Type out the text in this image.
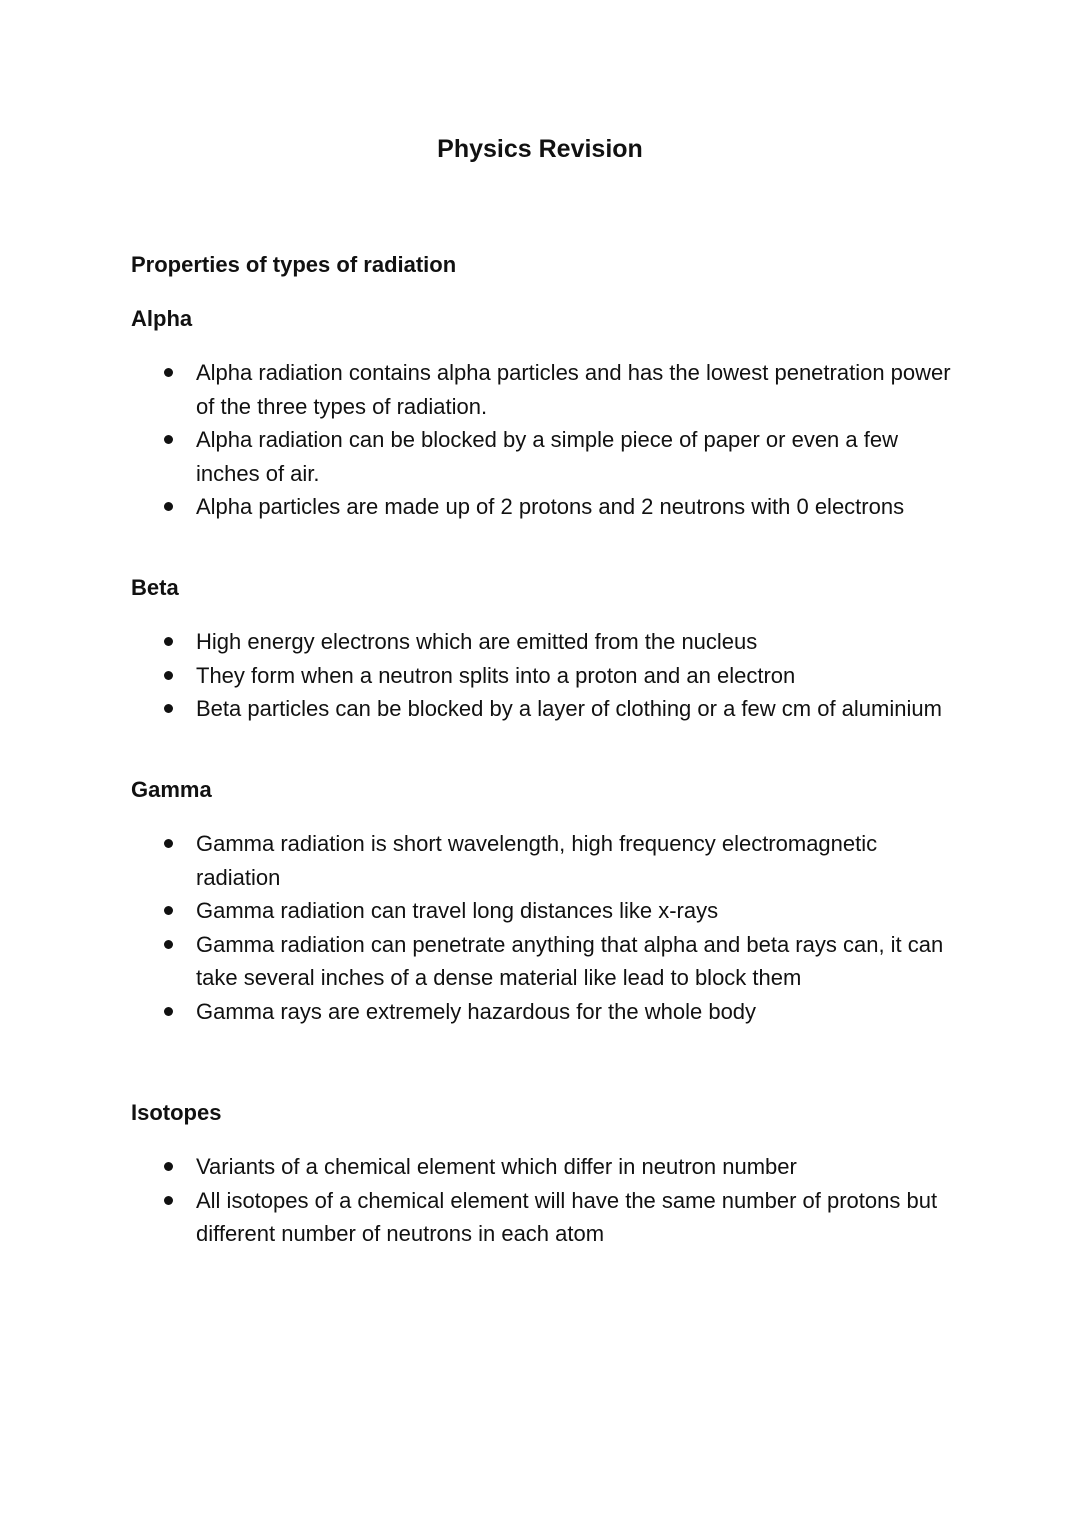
Physics Revision
Properties of types of radiation
Alpha
Alpha radiation contains alpha particles and has the lowest penetration power of the three types of radiation.
Alpha radiation can be blocked by a simple piece of paper or even a few inches of air.
Alpha particles are made up of 2 protons and 2 neutrons with 0 electrons
Beta
High energy electrons which are emitted from the nucleus
They form when a neutron splits into a proton and an electron
Beta particles can be blocked by a layer of clothing or a few cm of aluminium
Gamma
Gamma radiation is short wavelength, high frequency electromagnetic radiation
Gamma radiation can travel long distances like x-rays
Gamma radiation can penetrate anything that alpha and beta rays can, it can take several inches of a dense material like lead to block them
Gamma rays are extremely hazardous for the whole body
Isotopes
Variants of a chemical element which differ in neutron number
All isotopes of a chemical element will have the same number of protons but different number of neutrons in each atom
